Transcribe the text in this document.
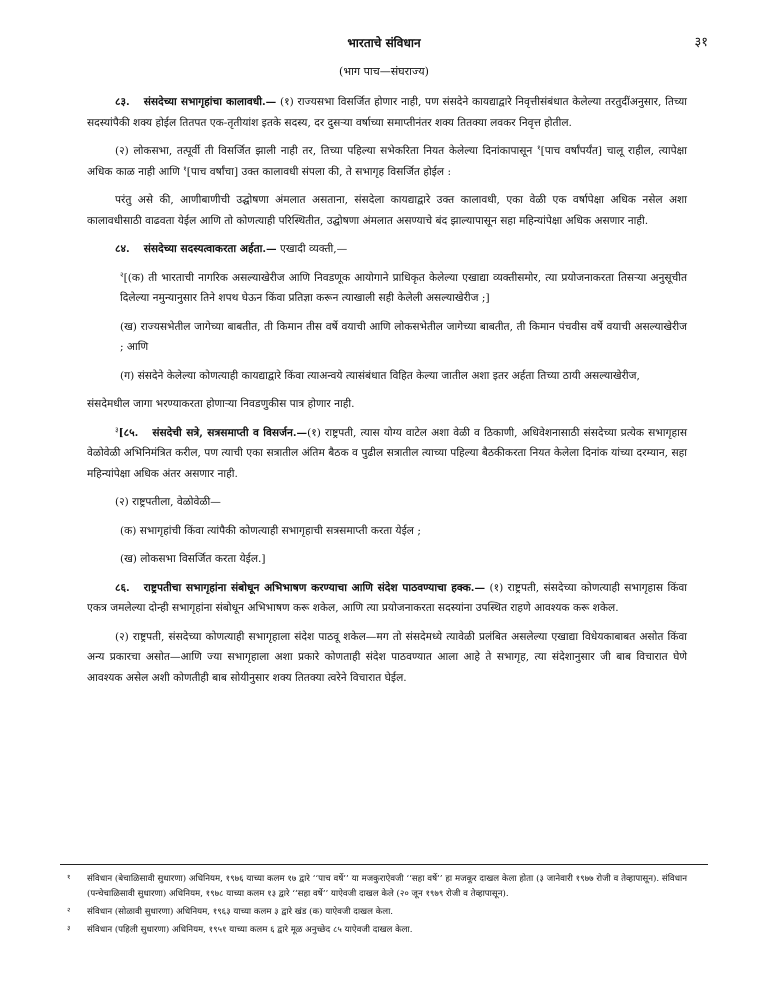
भारताचे संविधान	३१
(भाग पाच—संघराज्य)

८३. संसदेच्या सभागृहांचा कालावधी.— (१) राज्यसभा विसर्जित होणार नाही, पण संसदेने कायद्याद्वारे निवृत्तीसंबंधात केलेल्या तरतुदींअनुसार, तिच्या सदस्यांपैकी शक्य होईल तितपत एक-तृतीयांश इतके सदस्य, दर दुसऱ्या वर्षाच्या समाप्तीनंतर शक्य तितक्या लवकर निवृत्त होतील.

(२) लोकसभा, तत्पूर्वी ती विसर्जित झाली नाही तर, तिच्या पहिल्या सभेकरिता नियत केलेल्या दिनांकापासून $^१$[पाच वर्षांपर्यंत] चालू राहील, त्यापेक्षा अधिक काळ नाही आणि $^१$[पाच वर्षांचा] उक्त कालावधी संपला की, ते सभागृह विसर्जित होईल :

परंतु असे की, आणीबाणीची उद्घोषणा अंमलात असताना, संसदेला कायद्याद्वारे उक्त कालावधी, एका वेळी एक वर्षापेक्षा अधिक नसेल अशा कालावधीसाठी वाढवता येईल आणि तो कोणत्याही परिस्थितीत, उद्घोषणा अंमलात असण्याचे बंद झाल्यापासून सहा महिन्यांपेक्षा अधिक असणार नाही.

८४. संसदेच्या सदस्यत्वाकरता अर्हता.— एखादी व्यक्ती,—

$^२$[(क) ती भारताची नागरिक असल्याखेरीज आणि निवडणूक आयोगाने प्राधिकृत केलेल्या एखाद्या व्यक्तीसमोर, त्या प्रयोजनाकरता तिसऱ्या अनुसूचीत दिलेल्या नमुन्यानुसार तिने शपथ घेऊन किंवा प्रतिज्ञा करून त्याखाली सही केलेली असल्याखेरीज ;]

(ख) राज्यसभेतील जागेच्या बाबतीत, ती किमान तीस वर्षे वयाची आणि लोकसभेतील जागेच्या बाबतीत, ती किमान पंचवीस वर्षे वयाची असल्याखेरीज ; आणि

(ग) संसदेने केलेल्या कोणत्याही कायद्याद्वारे किंवा त्याअन्वये त्यासंबंधात विहित केल्या जातील अशा इतर अर्हता तिच्या ठायी असल्याखेरीज,

संसदेमधील जागा भरण्याकरता होणाऱ्या निवडणुकीस पात्र होणार नाही.

$^३$[८५. संसदेची सत्रे, सत्रसमाप्ती व विसर्जन.—(१) राष्ट्रपती, त्यास योग्य वाटेल अशा वेळी व ठिकाणी, अधिवेशनासाठी संसदेच्या प्रत्येक सभागृहास वेळोवेळी अभिनिमंत्रित करील, पण त्याची एका सत्रातील अंतिम बैठक व पुढील सत्रातील त्याच्या पहिल्या बैठकीकरता नियत केलेला दिनांक यांच्या दरम्यान, सहा महिन्यांपेक्षा अधिक अंतर असणार नाही.

(२) राष्ट्रपतीला, वेळोवेळी—

(क) सभागृहांची किंवा त्यांपैकी कोणत्याही सभागृहाची सत्रसमाप्ती करता येईल ;

(ख) लोकसभा विसर्जित करता येईल.]

८६. राष्ट्रपतीचा सभागृहांना संबोधून अभिभाषण करण्याचा आणि संदेश पाठवण्याचा हक्क.— (१) राष्ट्रपती, संसदेच्या कोणत्याही सभागृहास किंवा एकत्र जमलेल्या दोन्ही सभागृहांना संबोधून अभिभाषण करू शकेल, आणि त्या प्रयोजनाकरता सदस्यांना उपस्थित राहणे आवश्यक करू शकेल.

(२) राष्ट्रपती, संसदेच्या कोणत्याही सभागृहाला संदेश पाठवू शकेल—मग तो संसदेमध्ये त्यावेळी प्रलंबित असलेल्या एखाद्या विधेयकाबाबत असोत किंवा अन्य प्रकारचा असोत—आणि ज्या सभागृहाला अशा प्रकारे कोणताही संदेश पाठवण्यात आला आहे ते सभागृह, त्या संदेशानुसार जी बाब विचारात घेणे आवश्यक असेल अशी कोणतीही बाब सोयीनुसार शक्य तितक्या त्वरेने विचारात घेईल.

१ संविधान (बेचाळिसावी सुधारणा) अधिनियम, १९७६ याच्या कलम १७ द्वारे ‘‘पाच वर्षे’’ या मजकुराऐवजी ‘‘सहा वर्षे’’ हा मजकूर दाखल केला होता (३ जानेवारी १९७७ रोजी व तेव्हापासून). संविधान (पन्चेचाळिसावी सुधारणा) अधिनियम, १९७८ याच्या कलम १३ द्वारे ‘‘सहा वर्षे’’ याऐवजी दाखल केले (२० जून १९७९ रोजी व तेव्हापासून).
२ संविधान (सोळावी सुधारणा) अधिनियम, १९६३ याच्या कलम ३ द्वारे खंड (क) याऐवजी दाखल केला.
३ संविधान (पहिली सुधारणा) अधिनियम, १९५१ याच्या कलम ६ द्वारे मूळ अनुच्छेद ८५ याऐवजी दाखल केला.
